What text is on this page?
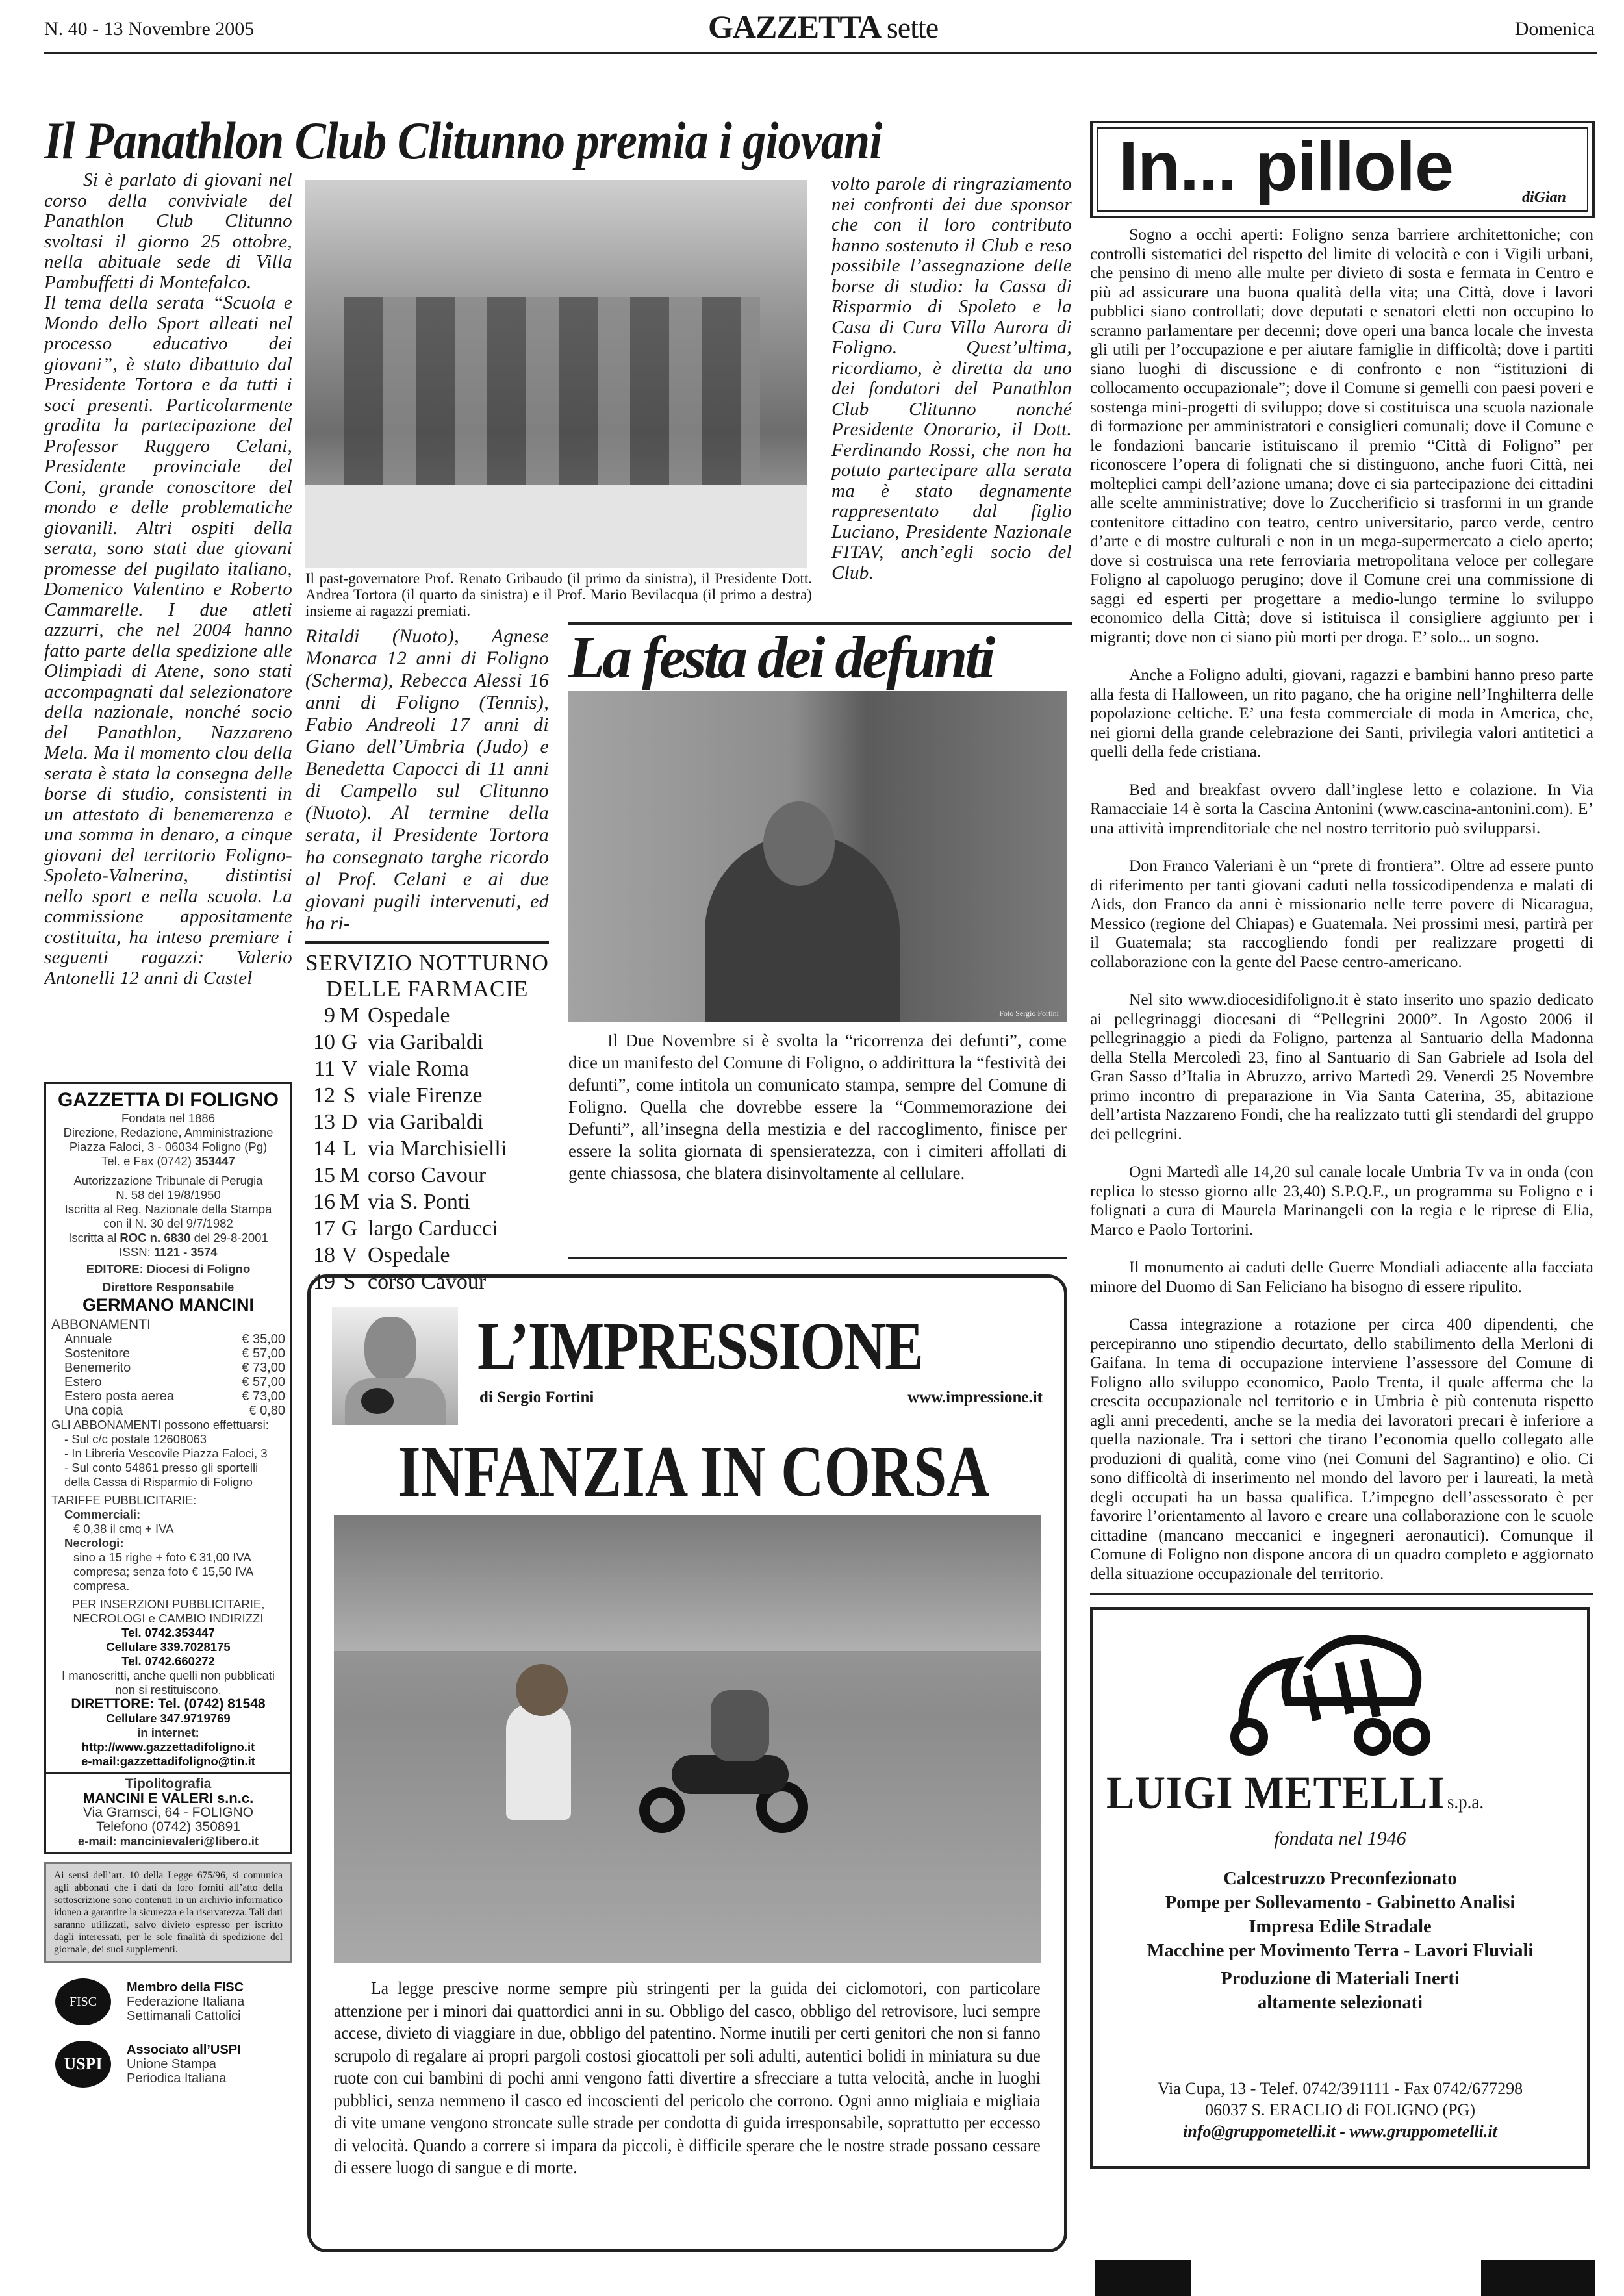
N. 40 - 13 Novembre 2005	GAZZETTA sette	Domenica
Il Panathlon Club Clitunno premia i giovani

Si è parlato di giovani nel corso della conviviale del Panathlon Club Clitunno svoltasi il giorno 25 ottobre, nella abituale sede di Villa Pambuffetti di Montefalco.

Il tema della serata “Scuola e Mondo dello Sport alleati nel processo educativo dei giovani”, è stato dibattuto dal Presidente Tortora e da tutti i soci presenti. Particolarmente gradita la partecipazione del Professor Ruggero Celani, Presidente provinciale del Coni, grande conoscitore del mondo e delle problematiche giovanili. Altri ospiti della serata, sono stati due giovani promesse del pugilato italiano, Domenico Valentino e Roberto Cammarelle. I due atleti azzurri, che nel 2004 hanno fatto parte della spedizione alle Olimpiadi di Atene, sono stati accompagnati dal selezionatore della nazionale, nonché socio del Panathlon, Nazzareno Mela. Ma il momento clou della serata è stata la consegna delle borse di studio, consistenti in un attestato di benemerenza e una somma in denaro, a cinque giovani del territorio Foligno-Spoleto-Valnerina, distintisi nello sport e nella scuola. La commissione appositamente costituita, ha inteso premiare i seguenti ragazzi: Valerio Antonelli 12 anni di Castel

volto parole di ringraziamento nei confronti dei due sponsor che con il loro contributo hanno sostenuto il Club e reso possibile l’assegnazione delle borse di studio: la Cassa di Risparmio di Spoleto e la Casa di Cura Villa Aurora di Foligno. Quest’ultima, ricordiamo, è diretta da uno dei fondatori del Panathlon Club Clitunno nonché Presidente Onorario, il Dott. Ferdinando Rossi, che non ha potuto partecipare alla serata ma è stato degnamente rappresentato dal figlio Luciano, Presidente Nazionale FITAV, anch’egli socio del Club.
Il past-governatore Prof. Renato Gribaudo (il primo da sinistra), il Presidente Dott. Andrea Tortora (il quarto da sinistra) e il Prof. Mario Bevilacqua (il primo a destra) insieme ai ragazzi premiati.
Ritaldi (Nuoto), Agnese Monarca 12 anni di Foligno (Scherma), Rebecca Alessi 16 anni di Foligno (Tennis), Fabio Andreoli 17 anni di Giano dell’Umbria (Judo) e Benedetta Capocci di 11 anni di Campello sul Clitunno (Nuoto). Al termine della serata, il Presidente Tortora ha consegnato targhe ricordo al Prof. Celani e ai due giovani pugili intervenuti, ed ha ri-
SERVIZIO NOTTURNO
DELLE FARMACIE
9 M Ospedale
10 G via Garibaldi
11 V viale Roma
12 S viale Firenze
13 D via Garibaldi
14 L via Marchisielli
15 M corso Cavour
16 M via S. Ponti
17 G largo Carducci
18 V Ospedale
19 S corso Cavour
La festa dei defunti
Foto Sergio Fortini

Il Due Novembre si è svolta la “ricorrenza dei defunti”, come dice un manifesto del Comune di Foligno, o addirittura la “festività dei defunti”, come intitola un comunicato stampa, sempre del Comune di Foligno. Quella che dovrebbe essere la “Commemorazione dei Defunti”, all’insegna della mestizia e del raccoglimento, finisce per essere la solita giornata di spensieratezza, con i cimiteri affollati di gente chiassosa, che blatera disinvoltamente al cellulare.

GAZZETTA DI FOLIGNO
Fondata nel 1886
Direzione, Redazione, Amministrazione
Piazza Faloci, 3 - 06034 Foligno (Pg)
Tel. e Fax (0742) 353447
Autorizzazione Tribunale di Perugia
N. 58 del 19/8/1950
Iscritta al Reg. Nazionale della Stampa
con il N. 30 del 9/7/1982
Iscritta al ROC n. 6830 del 29-8-2001
ISSN: 1121 - 3574
EDITORE: Diocesi di Foligno
Direttore Responsabile
GERMANO MANCINI
ABBONAMENTI
Annuale	€ 35,00
Sostenitore	€ 57,00
Benemerito	€ 73,00
Estero	€ 57,00
Estero posta aerea	€ 73,00
Una copia	€ 0,80
GLI ABBONAMENTI possono effettuarsi:
- Sul c/c postale 12608063
- In Libreria Vescovile Piazza Faloci, 3
- Sul conto 54861 presso gli sportelli della Cassa di Risparmio di Foligno
TARIFFE PUBBLICITARIE:
Commerciali:
€ 0,38 il cmq + IVA
Necrologi:
sino a 15 righe + foto € 31,00 IVA compresa; senza foto € 15,50 IVA compresa.
PER INSERZIONI PUBBLICITARIE,
NECROLOGI e CAMBIO INDIRIZZI
Tel. 0742.353447
Cellulare 339.7028175
Tel. 0742.660272
I manoscritti, anche quelli non pubblicati non si restituiscono.
DIRETTORE: Tel. (0742) 81548
Cellulare 347.9719769
in internet:
http://www.gazzettadifoligno.it
e-mail:gazzettadifoligno@tin.it
Tipolitografia
MANCINI E VALERI s.n.c.
Via Gramsci, 64 - FOLIGNO
Telefono (0742) 350891
e-mail: mancinievaleri@libero.it
Ai sensi dell’art. 10 della Legge 675/96, si comunica agli abbonati che i dati da loro forniti all’atto della sottoscrizione sono contenuti in un archivio informatico idoneo a garantire la sicurezza e la riservatezza. Tali dati saranno utilizzati, salvo divieto espresso per iscritto dagli interessati, per le sole finalità di spedizione del giornale, dei suoi supplementi.
FISC
Membro della FISC
Federazione Italiana
Settimanali Cattolici
USPI
Associato all’USPI
Unione Stampa
Periodica Italiana
L’IMPRESSIONE
di Sergio Fortini	www.impressione.it
INFANZIA IN CORSA

La legge prescive norme sempre più stringenti per la guida dei ciclomotori, con particolare attenzione per i minori dai quattordici anni in su. Obbligo del casco, obbligo del retrovisore, luci sempre accese, divieto di viaggiare in due, obbligo del patentino. Norme inutili per certi genitori che non si fanno scrupolo di regalare ai propri pargoli costosi giocattoli per soli adulti, autentici bolidi in miniatura su due ruote con cui bambini di pochi anni vengono fatti divertire a sfrecciare a tutta velocità, anche in luoghi pubblici, senza nemmeno il casco ed incoscienti del pericolo che corrono. Ogni anno migliaia e migliaia di vite umane vengono stroncate sulle strade per condotta di guida irresponsabile, soprattutto per eccesso di velocità. Quando a correre si impara da piccoli, è difficile sperare che le nostre strade possano cessare di essere luogo di sangue e di morte.

In... pillole	diGian

Sogno a occhi aperti: Foligno senza barriere architettoniche; con controlli sistematici del rispetto del limite di velocità e con i Vigili urbani, che pensino di meno alle multe per divieto di sosta e fermata in Centro e più ad assicurare una buona qualità della vita; una Città, dove i lavori pubblici siano controllati; dove deputati e senatori eletti non occupino lo scranno parlamentare per decenni; dove operi una banca locale che investa gli utili per l’occupazione e per aiutare famiglie in difficoltà; dove i partiti siano luoghi di discussione e di confronto e non “istituzioni di collocamento occupazionale”; dove il Comune si gemelli con paesi poveri e sostenga mini-progetti di sviluppo; dove si costituisca una scuola nazionale di formazione per amministratori e consiglieri comunali; dove il Comune e le fondazioni bancarie istituiscano il premio “Città di Foligno” per riconoscere l’opera di folignati che si distinguono, anche fuori Città, nei molteplici campi dell’azione umana; dove ci sia partecipazione dei cittadini alle scelte amministrative; dove lo Zuccherificio si trasformi in un grande contenitore cittadino con teatro, centro universitario, parco verde, centro d’arte e di mostre culturali e non in un mega-supermercato a cielo aperto; dove si costruisca una rete ferroviaria metropolitana veloce per collegare Foligno al capoluogo perugino; dove il Comune crei una commissione di saggi ed esperti per progettare a medio-lungo termine lo sviluppo economico della Città; dove si istituisca il consigliere aggiunto per i migranti; dove non ci siano più morti per droga. E’ solo... un sogno.

Anche a Foligno adulti, giovani, ragazzi e bambini hanno preso parte alla festa di Halloween, un rito pagano, che ha origine nell’Inghilterra delle popolazione celtiche. E’ una festa commerciale di moda in America, che, nei giorni della grande celebrazione dei Santi, privilegia valori antitetici a quelli della fede cristiana.

Bed and breakfast ovvero dall’inglese letto e colazione. In Via Ramacciaie 14 è sorta la Cascina Antonini (www.cascina-antonini.com). E’ una attività imprenditoriale che nel nostro territorio può svilupparsi.

Don Franco Valeriani è un “prete di frontiera”. Oltre ad essere punto di riferimento per tanti giovani caduti nella tossicodipendenza e malati di Aids, don Franco da anni è missionario nelle terre povere di Nicaragua, Messico (regione del Chiapas) e Guatemala. Nei prossimi mesi, partirà per il Guatemala; sta raccogliendo fondi per realizzare progetti di collaborazione con la gente del Paese centro-americano.

Nel sito www.diocesidifoligno.it è stato inserito uno spazio dedicato ai pellegrinaggi diocesani di “Pellegrini 2000”. In Agosto 2006 il pellegrinaggio a piedi da Foligno, partenza al Santuario della Madonna della Stella Mercoledì 23, fino al Santuario di San Gabriele ad Isola del Gran Sasso d’Italia in Abruzzo, arrivo Martedì 29. Venerdì 25 Novembre primo incontro di preparazione in Via Santa Caterina, 35, abitazione dell’artista Nazzareno Fondi, che ha realizzato tutti gli stendardi del gruppo dei pellegrini.

Ogni Martedì alle 14,20 sul canale locale Umbria Tv va in onda (con replica lo stesso giorno alle 23,40) S.P.Q.F., un programma su Foligno e i folignati a cura di Maurela Marinangeli con la regia e le riprese di Elia, Marco e Paolo Tortorini.

Il monumento ai caduti delle Guerre Mondiali adiacente alla facciata minore del Duomo di San Feliciano ha bisogno di essere ripulito.

Cassa integrazione a rotazione per circa 400 dipendenti, che percepiranno uno stipendio decurtato, dello stabilimento della Merloni di Gaifana. In tema di occupazione interviene l’assessore del Comune di Foligno allo sviluppo economico, Paolo Trenta, il quale afferma che la crescita occupazionale nel territorio e in Umbria è più contenuta rispetto agli anni precedenti, anche se la media dei lavoratori precari è inferiore a quella nazionale. Tra i settori che tirano l’economia quello collegato alle produzioni di qualità, come vino (nei Comuni del Sagrantino) e olio. Ci sono difficoltà di inserimento nel mondo del lavoro per i laureati, la metà degli occupati ha un bassa qualifica. L’impegno dell’assessorato è per favorire l’orientamento al lavoro e creare una collaborazione con le scuole cittadine (mancano meccanici e ingegneri aeronautici). Comunque il Comune di Foligno non dispone ancora di un quadro completo e aggiornato della situazione occupazionale del territorio.

LUIGI METELLI s.p.a.
fondata nel 1946
Calcestruzzo Preconfezionato
Pompe per Sollevamento - Gabinetto Analisi
Impresa Edile Stradale
Macchine per Movimento Terra - Lavori Fluviali
Produzione di Materiali Inerti
altamente selezionati
Via Cupa, 13 - Telef. 0742/391111 - Fax 0742/677298
06037 S. ERACLIO di FOLIGNO (PG)
info@gruppometelli.it - www.gruppometelli.it
